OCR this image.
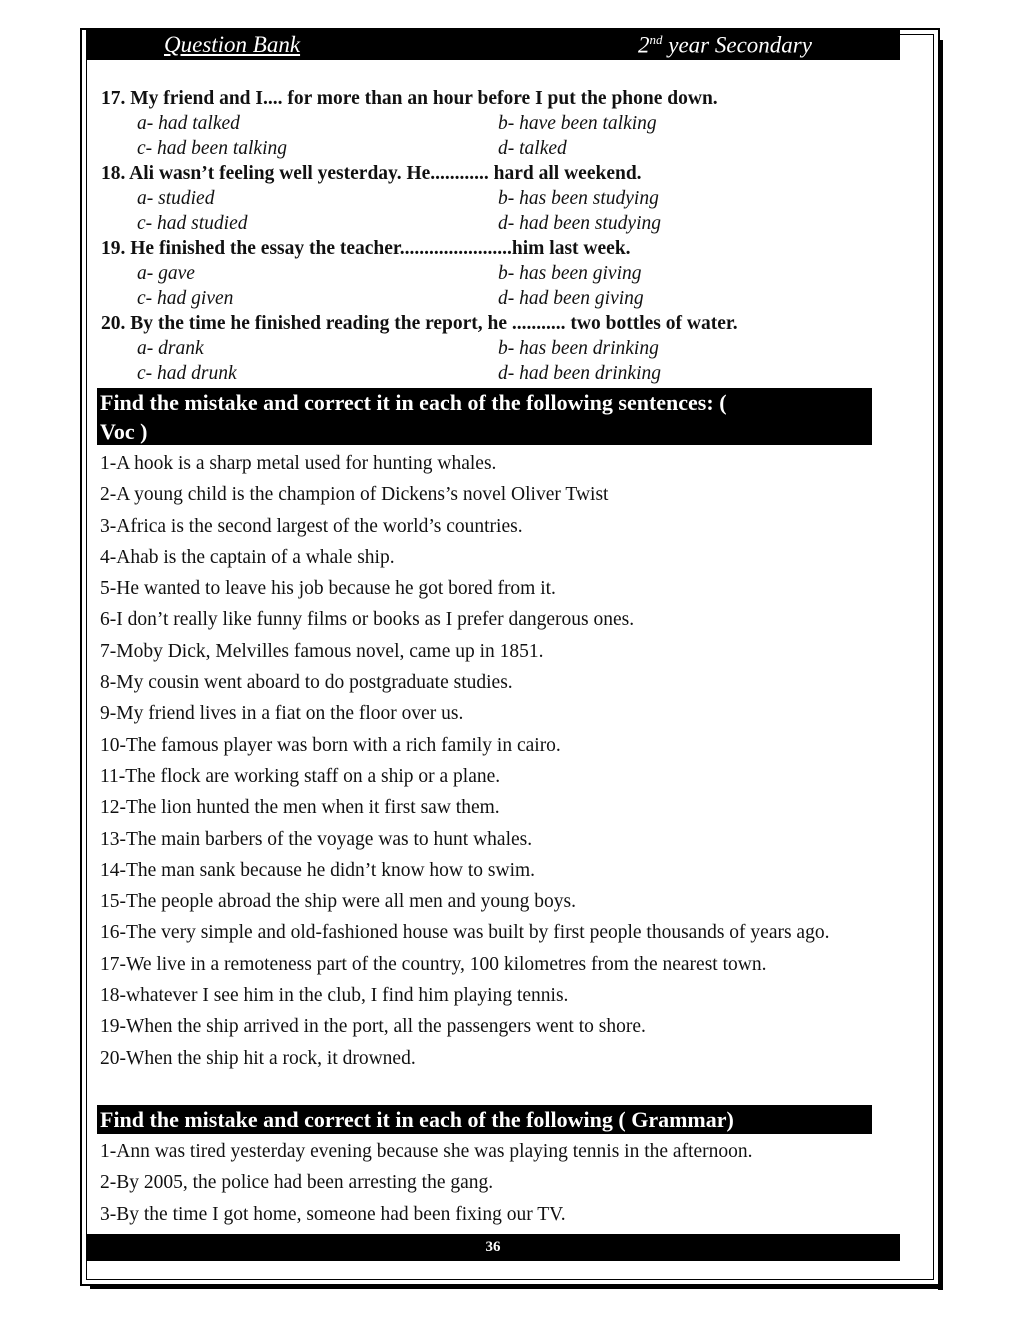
Question Bank	2nd year Secondary
17. My friend and I.... for more than an hour before I put the phone down.
a- had talked	b- have been talking
c- had been talking	d- talked
18. Ali wasn’t feeling well yesterday. He............ hard all weekend.
a- studied	b- has been studying
c- had studied	d- had been studying
19. He finished the essay the teacher.......................him last week.
a- gave	b- has been giving
c- had given	d- had been giving
20. By the time he finished reading the report, he ........... two bottles of water.
a- drank	b- has been drinking
c- had drunk	d- had been drinking
Find the mistake and correct it in each of the following sentences: (
Voc )
1-A hook is a sharp metal used for hunting whales.
2-A young child is the champion of Dickens’s novel Oliver Twist
3-Africa is the second largest of the world’s countries.
4-Ahab is the captain of a whale ship.
5-He wanted to leave his job because he got bored from it.
6-I don’t really like funny films or books as I prefer dangerous ones.
7-Moby Dick, Melvilles famous novel, came up in 1851.
8-My cousin went aboard to do postgraduate studies.
9-My friend lives in a fiat on the floor over us.
10-The famous player was born with a rich family in cairo.
11-The flock are working staff on a ship or a plane.
12-The lion hunted the men when it first saw them.
13-The main barbers of the voyage was to hunt whales.
14-The man sank because he didn’t know how to swim.
15-The people abroad the ship were all men and young boys.
16-The very simple and old-fashioned house was built by first people thousands of years ago.
17-We live in a remoteness part of the country, 100 kilometres from the nearest town.
18-whatever I see him in the club, I find him playing tennis.
19-When the ship arrived in the port, all the passengers went to shore.
20-When the ship hit a rock, it drowned.
Find the mistake and correct it in each of the following ( Grammar)
1-Ann was tired yesterday evening because she was playing tennis in the afternoon.
2-By 2005, the police had been arresting the gang.
3-By the time I got home, someone had been fixing our TV.
36
